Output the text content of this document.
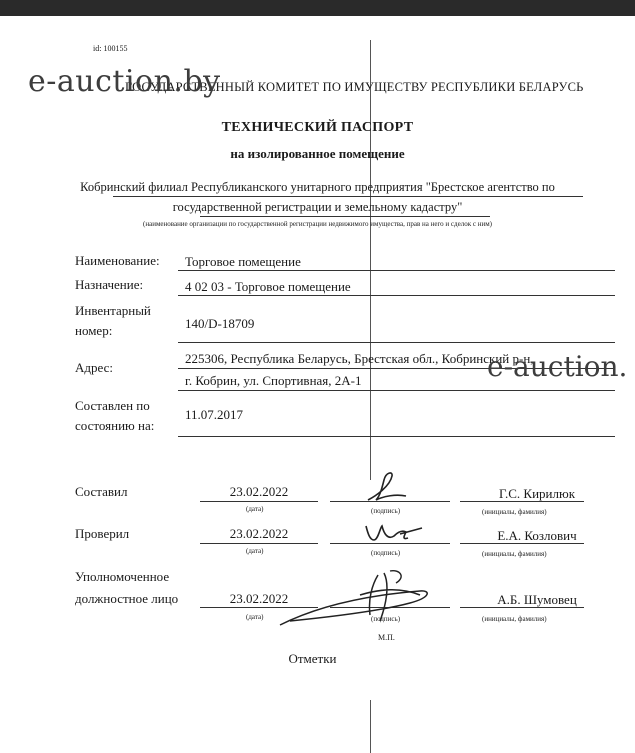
id: 100155
ГОСУДАРСТВЕННЫЙ КОМИТЕТ ПО ИМУЩЕСТВУ РЕСПУБЛИКИ БЕЛАРУСЬ
e-auction.by
ТЕХНИЧЕСКИЙ ПАСПОРТ
на изолированное помещение
Кобринский филиал Республиканского унитарного предприятия "Брестское агентство по
государственной регистрации и земельному кадастру"
(наименование организации по государственной регистрации недвижимого имущества, прав на него и сделок с ним)
Наименование: Торговое помещение
Назначение:	4 02 03 - Торговое помещение
Инвентарный
номер:	140/D-18709
Адрес:
225306, Республика Беларусь, Брестская обл., Кобринский р-н,
г. Кобрин, ул. Спортивная, 2А-1	e-auction.
Составлен по
состоянию на:
11.07.2017
Составил	23.02.2022	Г.С. Кирилюк
(дата)	(подпись)	(инициалы, фамилия)
Проверил	23.02.2022	Е.А. Козлович
(дата)	(подпись)	(инициалы, фамилия)
Уполномоченное
должностное лицо	23.02.2022	А.Б. Шумовец
(дата)	(подпись)	(инициалы, фамилия)
М.П.
Отметки
